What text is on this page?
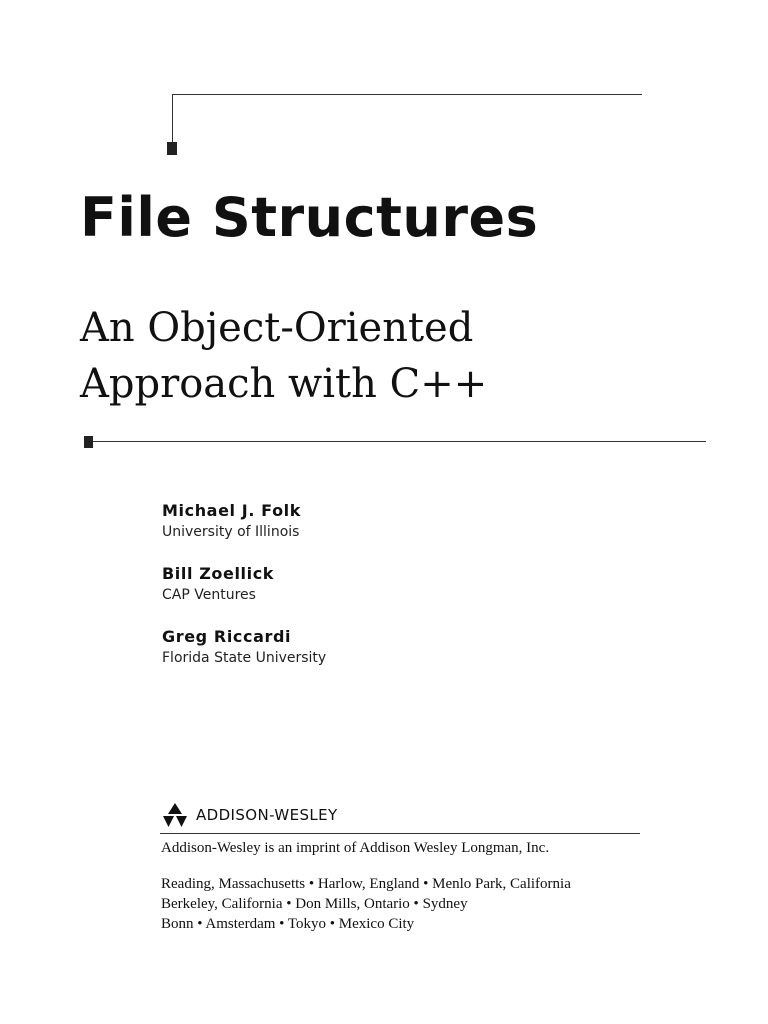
File Structures
An Object-Oriented
Approach with C++
Michael J. Folk
University of Illinois
Bill Zoellick
CAP Ventures
Greg Riccardi
Florida State University
ADDISON-WESLEY
Addison-Wesley is an imprint of Addison Wesley Longman, Inc.
Reading, Massachusetts • Harlow, England • Menlo Park, California
Berkeley, California • Don Mills, Ontario • Sydney
Bonn • Amsterdam • Tokyo • Mexico City
